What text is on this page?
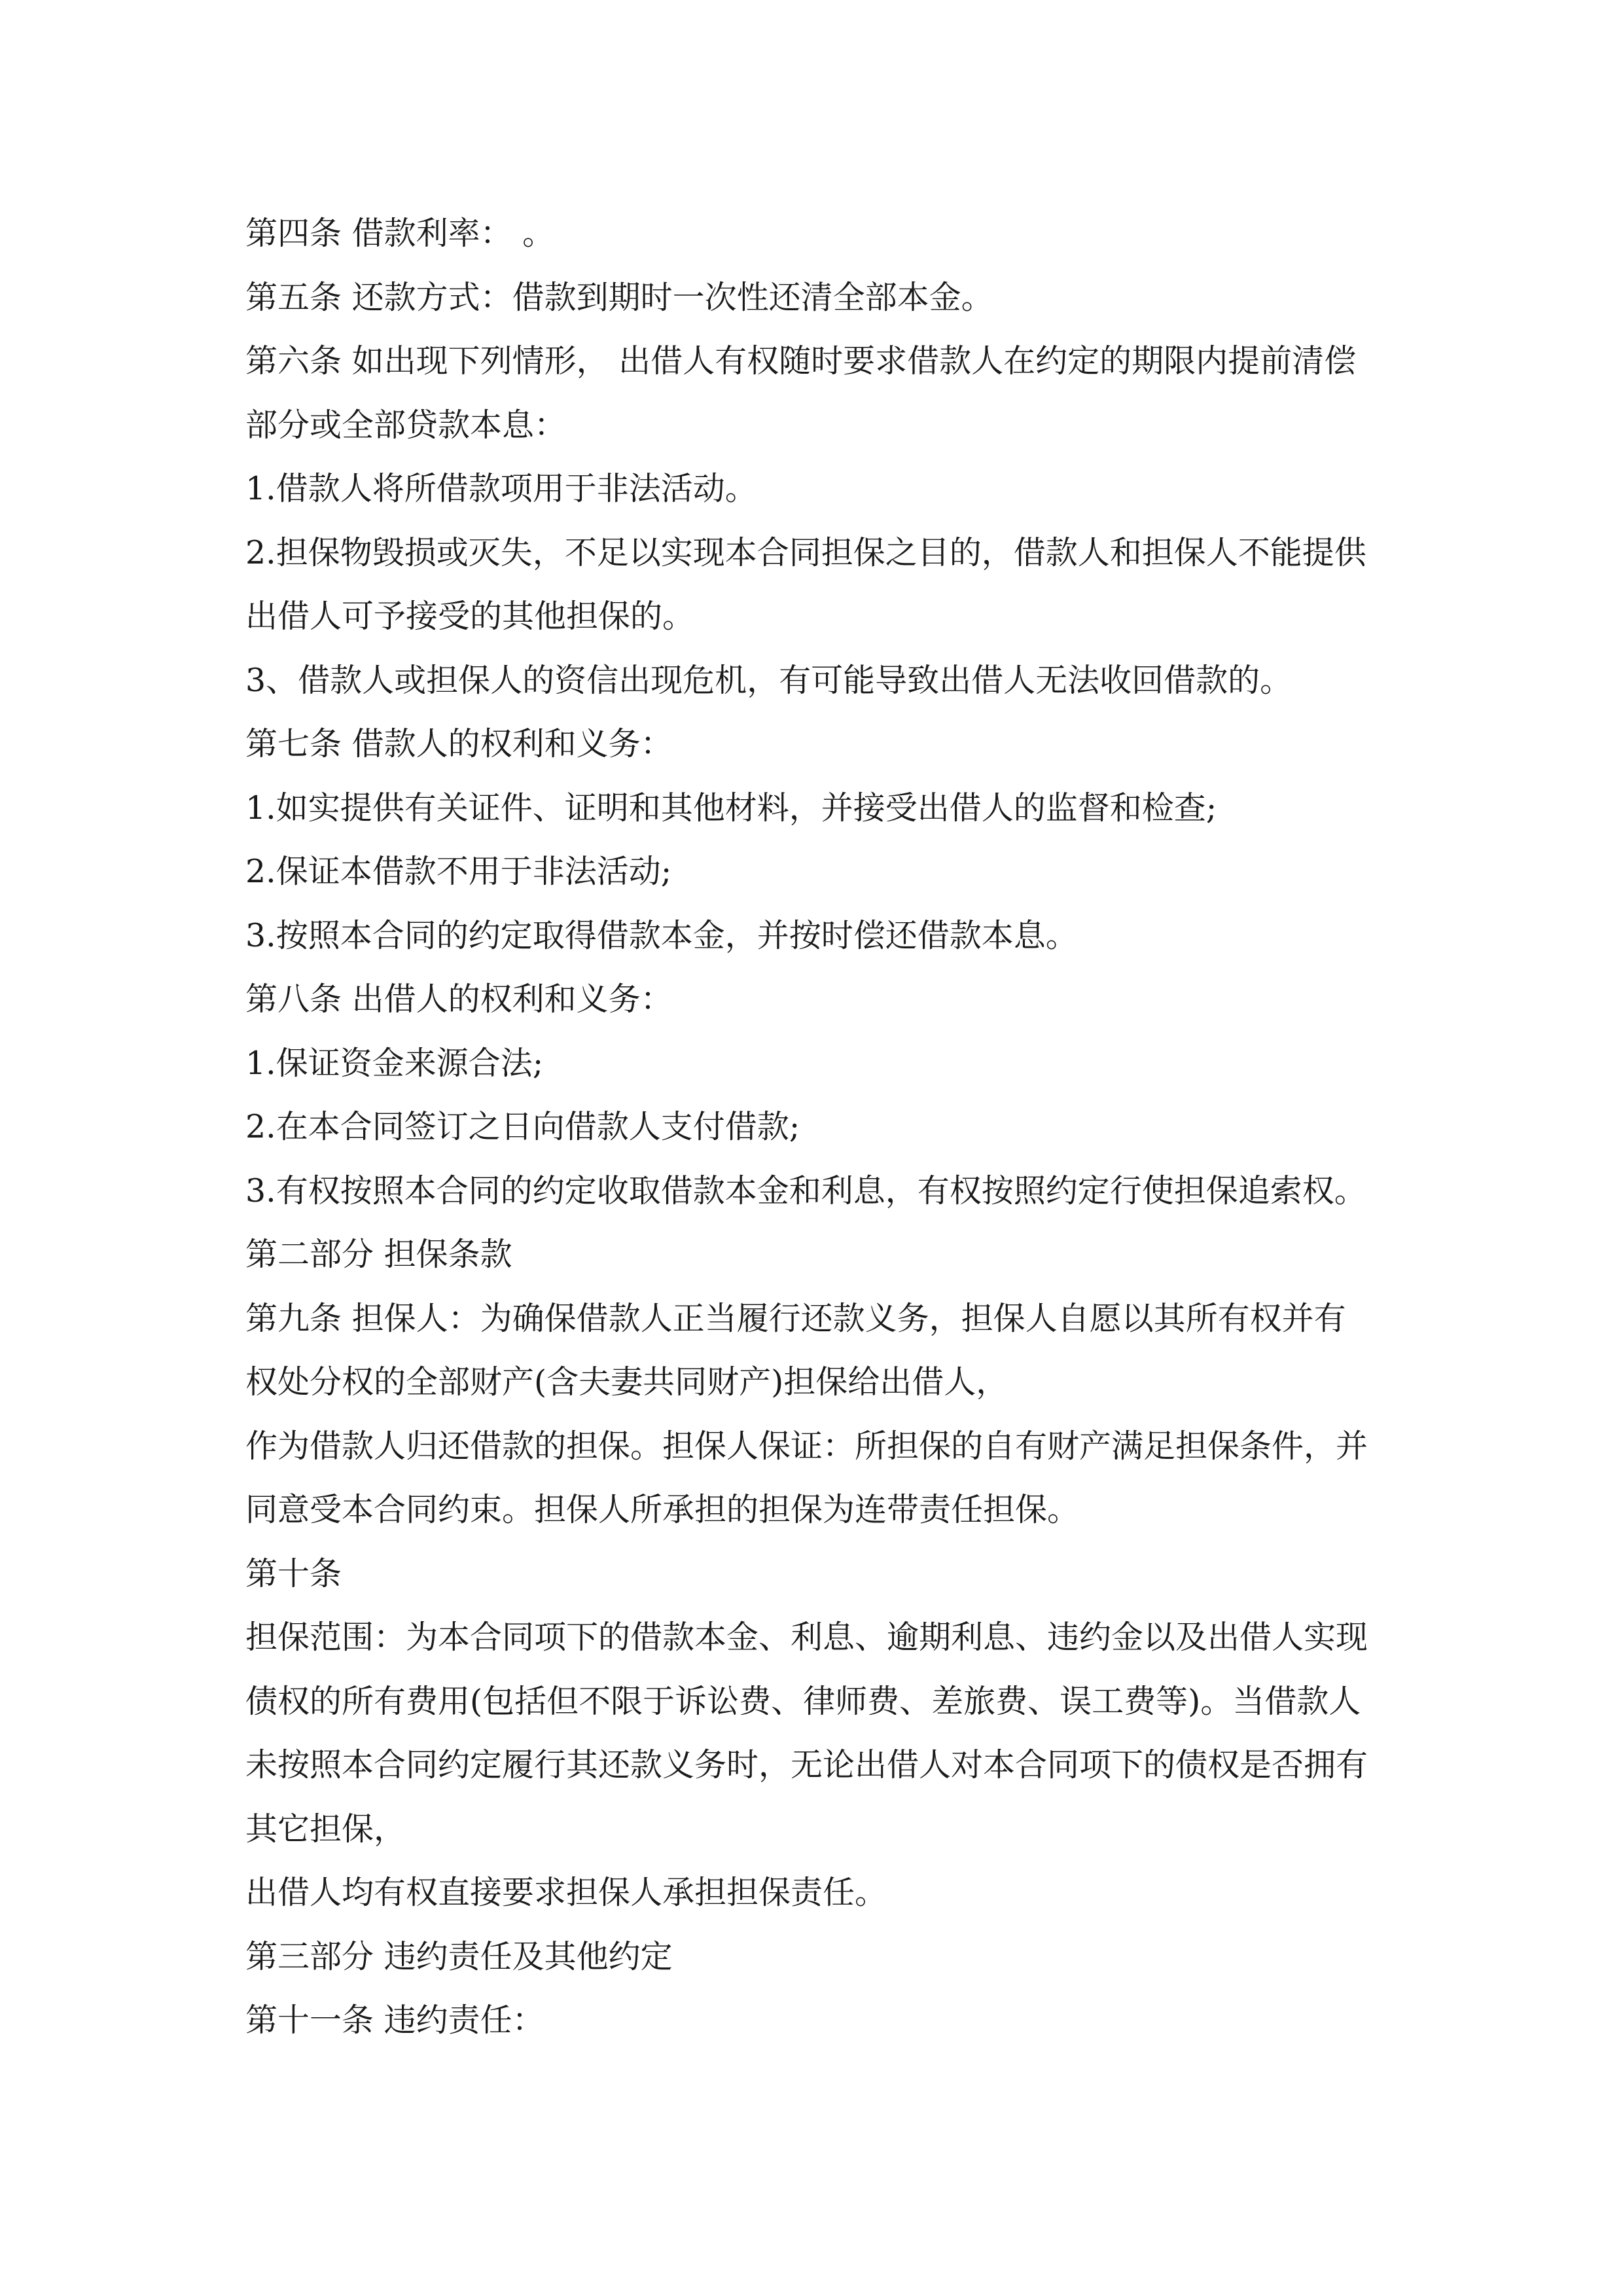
第四条 借款利率： 。
第五条 还款方式：借款到期时一次性还清全部本金。
第六条 如出现下列情形， 出借人有权随时要求借款人在约定的期限内提前清偿
部分或全部贷款本息：
1.借款人将所借款项用于非法活动。
2.担保物毁损或灭失，不足以实现本合同担保之目的，借款人和担保人不能提供
出借人可予接受的其他担保的。
3、借款人或担保人的资信出现危机，有可能导致出借人无法收回借款的。
第七条 借款人的权利和义务：
1.如实提供有关证件、证明和其他材料，并接受出借人的监督和检查;
2.保证本借款不用于非法活动;
3.按照本合同的约定取得借款本金，并按时偿还借款本息。
第八条 出借人的权利和义务：
1.保证资金来源合法;
2.在本合同签订之日向借款人支付借款;
3.有权按照本合同的约定收取借款本金和利息，有权按照约定行使担保追索权。
第二部分 担保条款
第九条 担保人：为确保借款人正当履行还款义务，担保人自愿以其所有权并有
权处分权的全部财产(含夫妻共同财产)担保给出借人，
作为借款人归还借款的担保。担保人保证：所担保的自有财产满足担保条件，并
同意受本合同约束。担保人所承担的担保为连带责任担保。
第十条
担保范围：为本合同项下的借款本金、利息、逾期利息、违约金以及出借人实现
债权的所有费用(包括但不限于诉讼费、律师费、差旅费、误工费等)。当借款人
未按照本合同约定履行其还款义务时，无论出借人对本合同项下的债权是否拥有
其它担保，
出借人均有权直接要求担保人承担担保责任。
第三部分 违约责任及其他约定
第十一条 违约责任：
